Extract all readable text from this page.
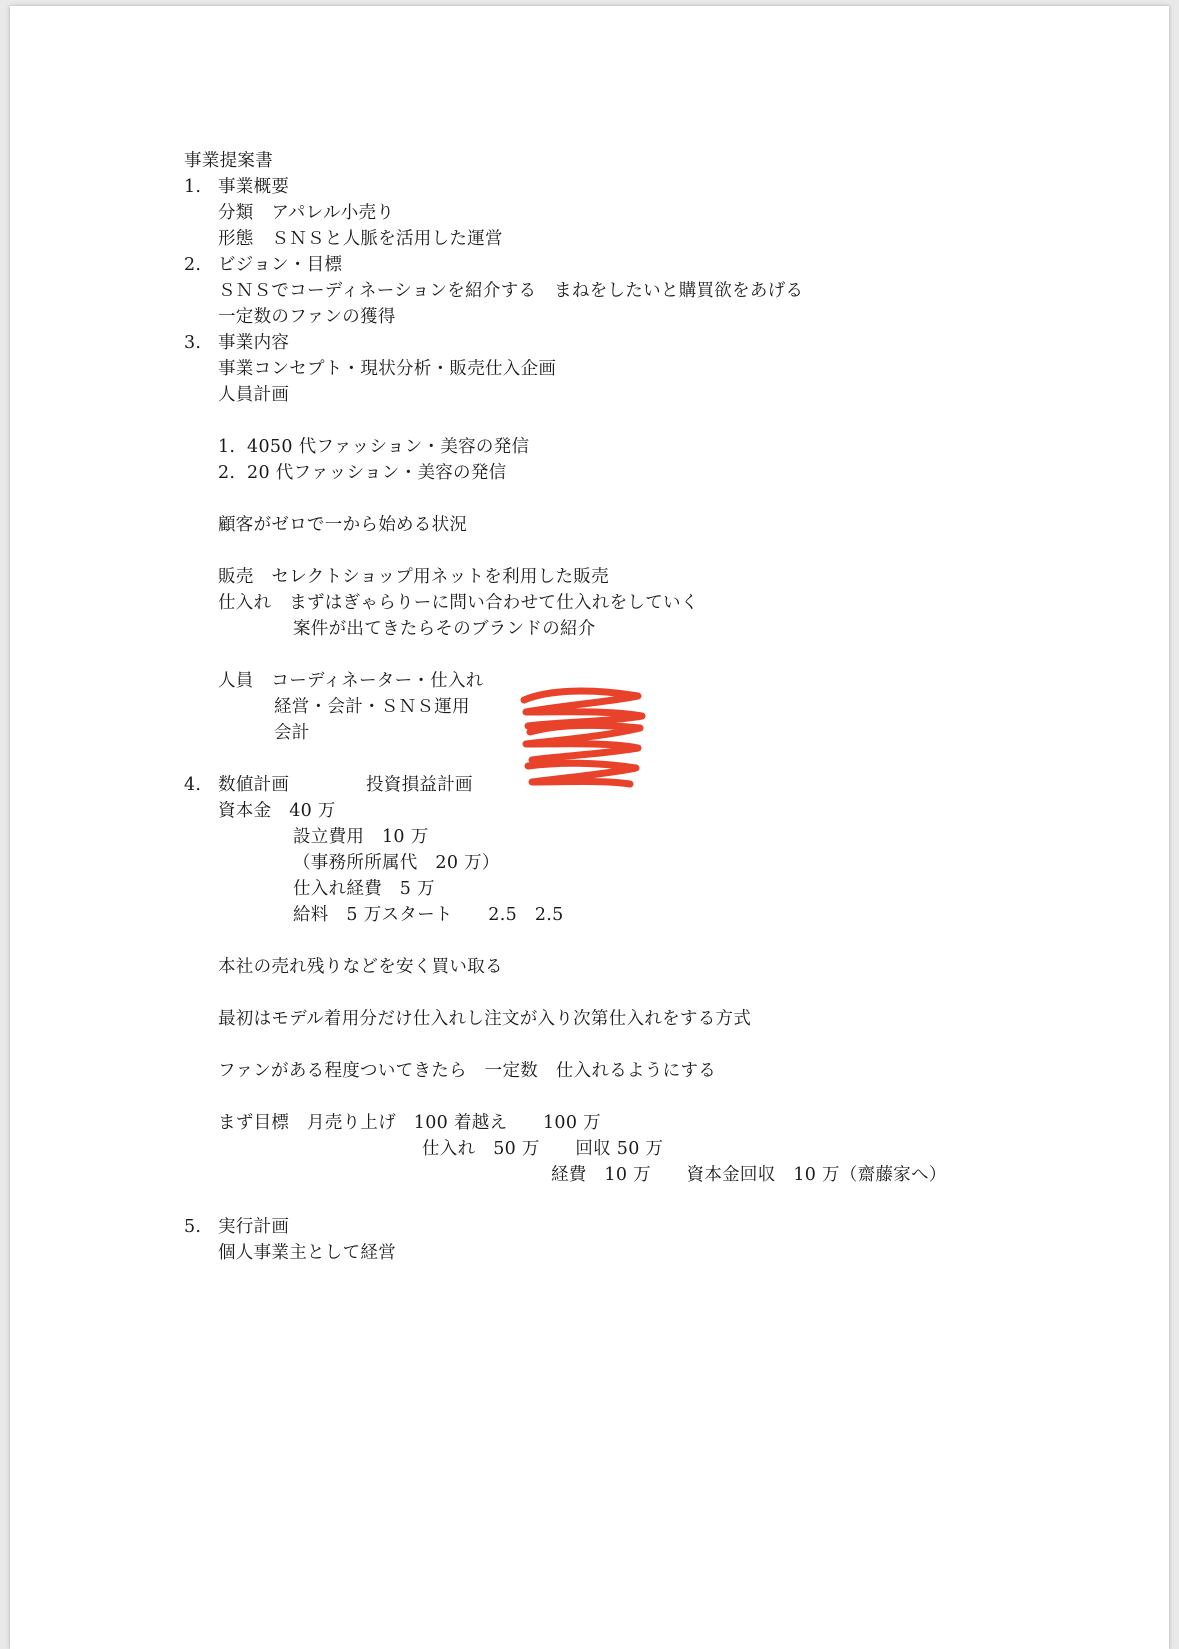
事業提案書
1. 事業概要
分類　アパレル小売り
形態　ＳＮＳと人脈を活用した運営
2. ビジョン・目標
ＳＮＳでコーディネーションを紹介する　まねをしたいと購買欲をあげる
一定数のファンの獲得
3. 事業内容
事業コンセプト・現状分析・販売仕入企画
人員計画
1.  4050 代ファッション・美容の発信
2.  20 代ファッション・美容の発信
顧客がゼロで一から始める状況
販売　セレクトショップ用ネットを利用した販売
仕入れ　まずはぎゃらりーに問い合わせて仕入れをしていく
案件が出てきたらそのブランドの紹介
人員　コーディネーター・仕入れ
経営・会計・ＳＮＳ運用
会計
4. 数値計画	投資損益計画
資本金　40 万
設立費用　10 万
（事務所所属代　20 万）
仕入れ経費　5 万
給料　5 万スタート　　2.5　2.5
本社の売れ残りなどを安く買い取る
最初はモデル着用分だけ仕入れし注文が入り次第仕入れをする方式
ファンがある程度ついてきたら　一定数　仕入れるようにする
まず目標　月売り上げ　100 着越え　　100 万
仕入れ　50 万　　回収 50 万
経費　10 万　　資本金回収　10 万（齋藤家へ）
5. 実行計画
個人事業主として経営
